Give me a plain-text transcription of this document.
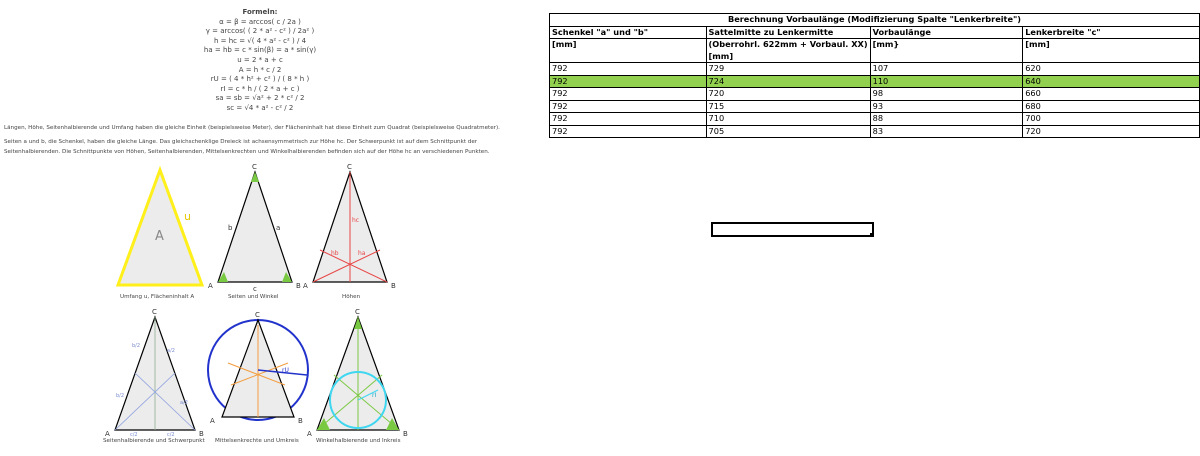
Formeln:
α = β = arccos( c / 2a )
γ = arccos( ( 2 * a² - c² ) / 2a² )
h = hc = √( 4 * a² - c² ) / 4
ha = hb = c * sin(β) = a * sin(γ)
u = 2 * a + c
A = h * c / 2
rU = ( 4 * h² + c² ) / ( 8 * h )
rI = c * h / ( 2 * a + c )
sa = sb = √a² + 2 * c² / 2
sc = √4 * a² - c² / 2
Längen, Höhe, Seitenhalbierende und Umfang haben die gleiche Einheit (beispielsweise Meter), der Flächeninhalt hat diese Einheit zum Quadrat (beispielsweise Quadratmeter).
Seiten a und b, die Schenkel, haben die gleiche Länge. Das gleichschenklige Dreieck ist achsensymmetrisch zur Höhe hc. Der Schwerpunkt ist auf dem Schnittpunkt der Seitenhalbierenden. Die Schnittpunkte von Höhen, Seitenhalbierenden, Mittelsenkrechten und Winkelhalbierenden befinden sich auf der Höhe hc an verschiedenen Punkten.
A
u
Umfang u, Flächeninhalt A
C
A	B
b	a
c
Seiten und Winkel
C
A	B
hc
hb	ha
Höhen
C
A	B
b/2
b/2
a/2
a/2
c/2	c/2
Seitenhalbierende und Schwerpunkt
C
A	B
rU
Mittelsenkrechte und Umkreis
C
A	B
rI
Winkelhalbierende und Inkreis
Berechnung Vorbaulänge (Modifizierung Spalte "Lenkerbreite")			
Schenkel "a" und "b"	Sattelmitte zu Lenkermitte	Vorbaulänge	Lenkerbreite "c"
[mm]	(Oberrohrl. 622mm + Vorbaul. XX)	[mm}	[mm]
	[mm]		
792	729	107	620
792	724	110	640
792	720	98	660
792	715	93	680
792	710	88	700
792	705	83	720
